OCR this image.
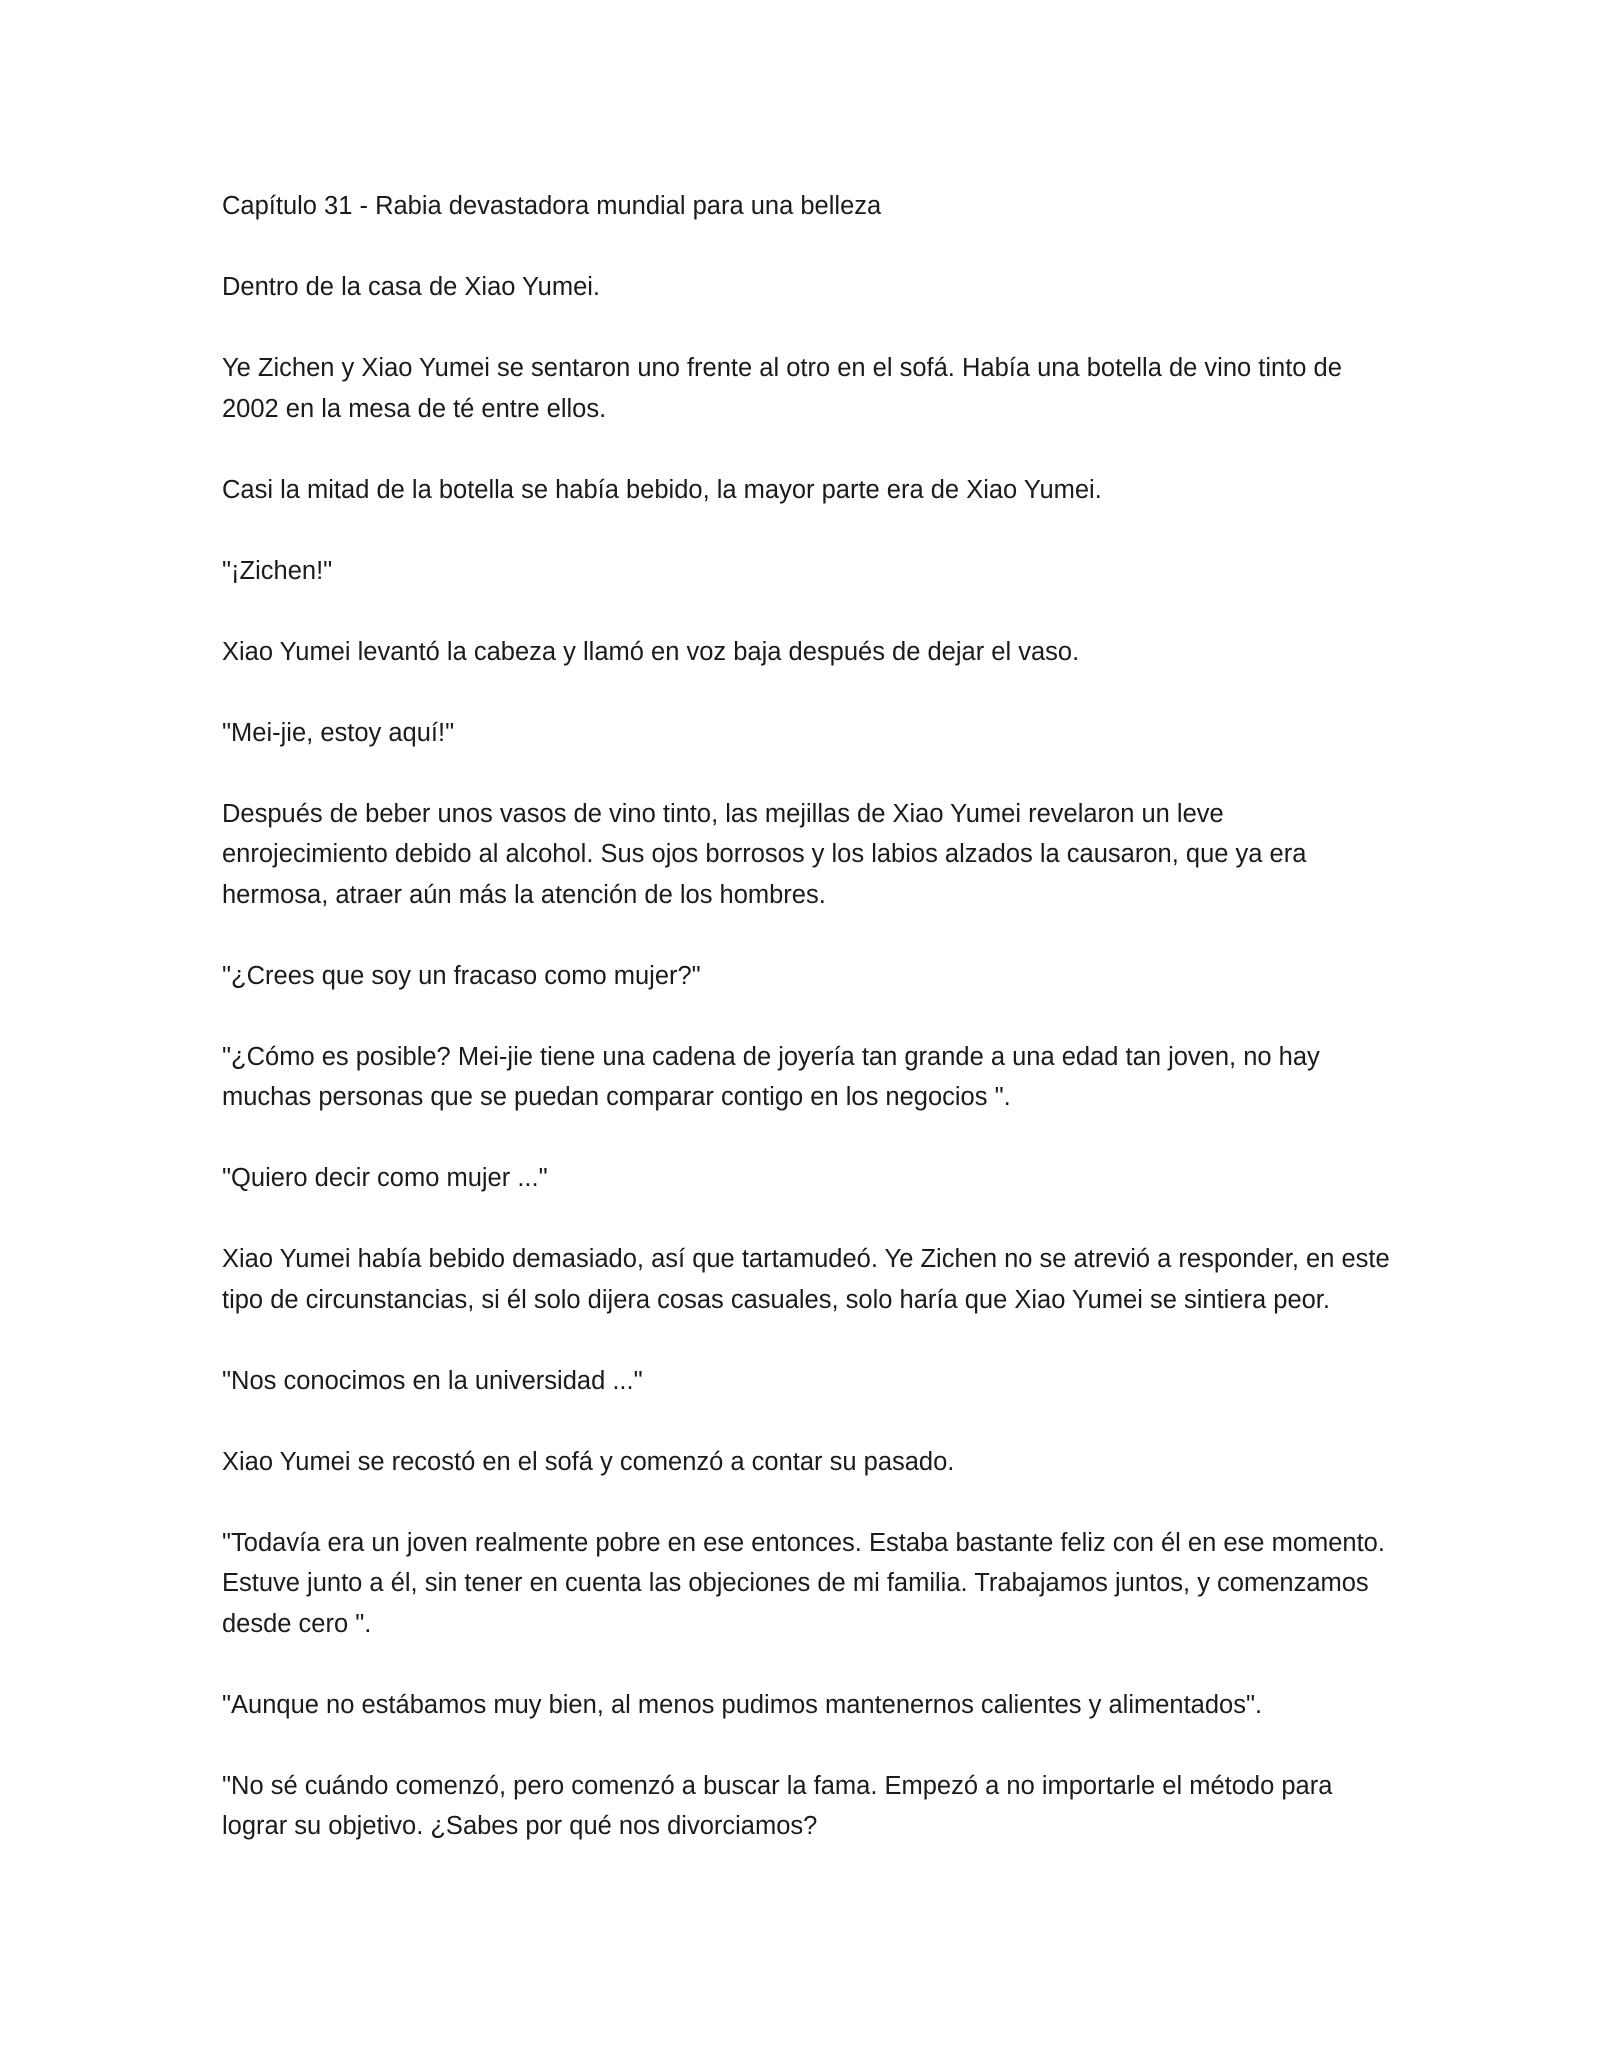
Capítulo 31 - Rabia devastadora mundial para una belleza

Dentro de la casa de Xiao Yumei.

Ye Zichen y Xiao Yumei se sentaron uno frente al otro en el sofá. Había una botella de vino tinto de 2002 en la mesa de té entre ellos.

Casi la mitad de la botella se había bebido, la mayor parte era de Xiao Yumei.

"¡Zichen!"

Xiao Yumei levantó la cabeza y llamó en voz baja después de dejar el vaso.

"Mei-jie, estoy aquí!"

Después de beber unos vasos de vino tinto, las mejillas de Xiao Yumei revelaron un leve enrojecimiento debido al alcohol. Sus ojos borrosos y los labios alzados la causaron, que ya era hermosa, atraer aún más la atención de los hombres.

"¿Crees que soy un fracaso como mujer?"

"¿Cómo es posible? Mei-jie tiene una cadena de joyería tan grande a una edad tan joven, no hay muchas personas que se puedan comparar contigo en los negocios ".

"Quiero decir como mujer ..."

Xiao Yumei había bebido demasiado, así que tartamudeó. Ye Zichen no se atrevió a responder, en este tipo de circunstancias, si él solo dijera cosas casuales, solo haría que Xiao Yumei se sintiera peor.

"Nos conocimos en la universidad ..."

Xiao Yumei se recostó en el sofá y comenzó a contar su pasado.

"Todavía era un joven realmente pobre en ese entonces. Estaba bastante feliz con él en ese momento. Estuve junto a él, sin tener en cuenta las objeciones de mi familia. Trabajamos juntos, y comenzamos desde cero ".

"Aunque no estábamos muy bien, al menos pudimos mantenernos calientes y alimentados".

"No sé cuándo comenzó, pero comenzó a buscar la fama. Empezó a no importarle el método para lograr su objetivo. ¿Sabes por qué nos divorciamos?
